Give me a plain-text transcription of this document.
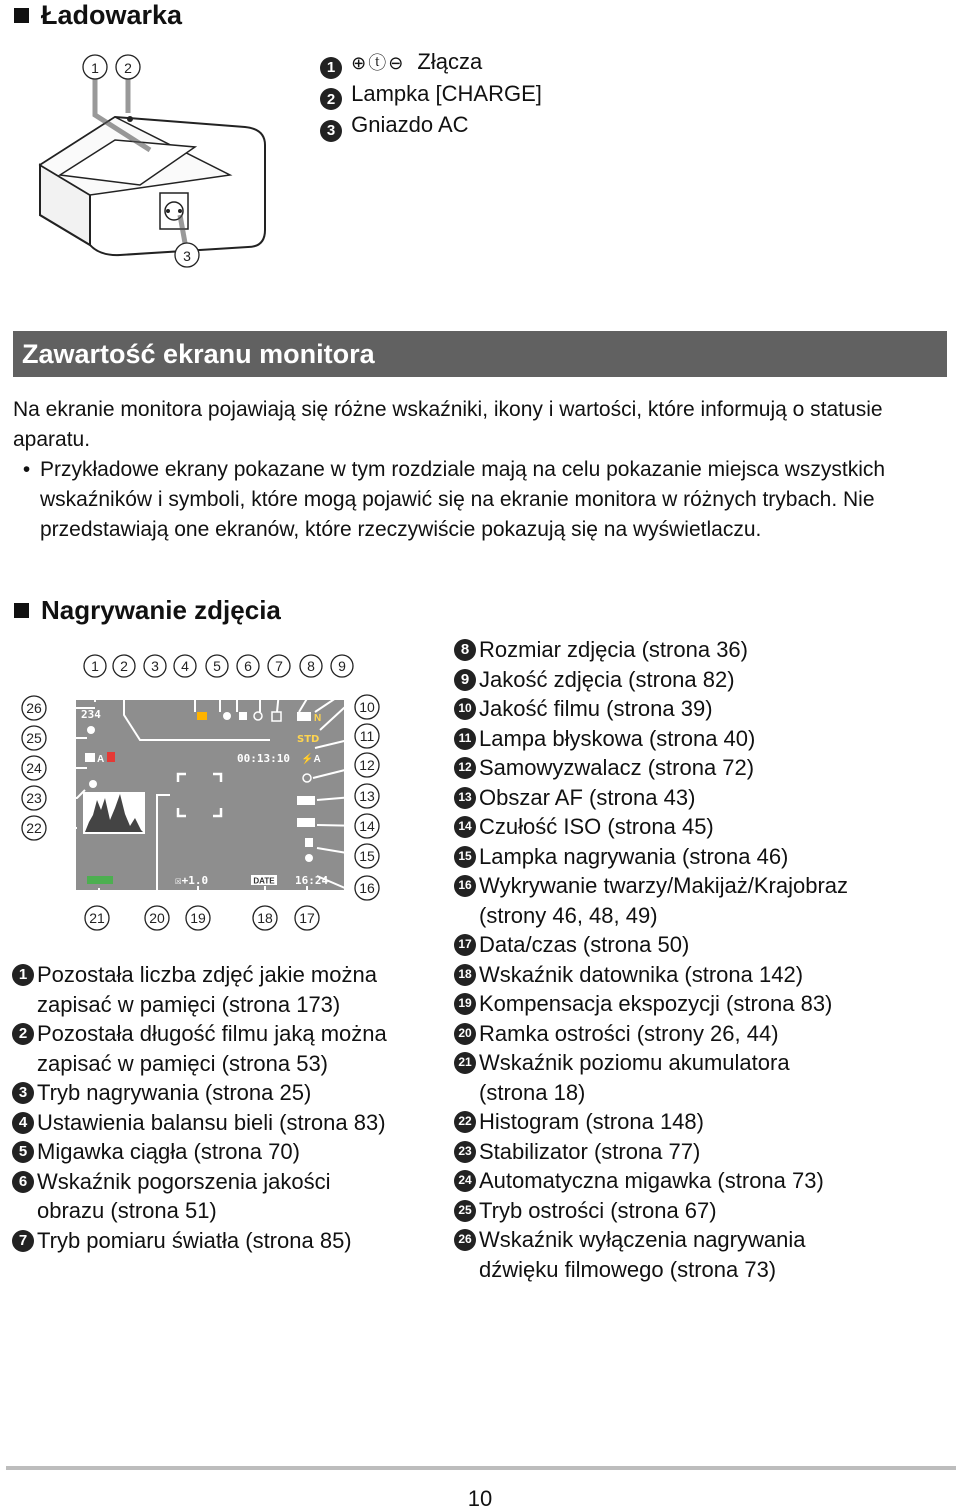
Ładowarka
1 2
3
1 ⊕ⓣ⊖ Złącza
2 Lampka [CHARGE]
3 Gniazdo AC
Zawartość ekranu monitora
Na ekranie monitora pojawiają się różne wskaźniki, ikony i wartości, które informują o statusie aparatu.
• Przykładowe ekrany pokazane w tym rozdziale mają na celu pokazanie miejsca wszystkich wskaźników i symboli, które mogą pojawić się na ekranie monitora w różnych trybach. Nie przedstawiają one ekranów, które rzeczywiście pokazują się na wyświetlaczu.
Nagrywanie zdjęcia
234
00:13:10
STD
N
⚡A
A
☒+1.0	DATE 16:24
1 2 3 4 5 6 7 8 9
26
25
24
23
22
10
11
12
13
14
15
16
21	20 19	18 17
1 Pozostała liczba zdjęć jakie można
zapisać w pamięci (strona 173)
2 Pozostała długość filmu jaką można
zapisać w pamięci (strona 53)
3 Tryb nagrywania (strona 25)
4 Ustawienia balansu bieli (strona 83)
5 Migawka ciągła (strona 70)
6 Wskaźnik pogorszenia jakości
obrazu (strona 51)
7 Tryb pomiaru światła (strona 85)
8 Rozmiar zdjęcia (strona 36)
9 Jakość zdjęcia (strona 82)
10 Jakość filmu (strona 39)
11 Lampa błyskowa (strona 40)
12 Samowyzwalacz (strona 72)
13 Obszar AF (strona 43)
14 Czułość ISO (strona 45)
15 Lampka nagrywania (strona 46)
16 Wykrywanie twarzy/Makijaż/Krajobraz
(strony 46, 48, 49)
17 Data/czas (strona 50)
18 Wskaźnik datownika (strona 142)
19 Kompensacja ekspozycji (strona 83)
20 Ramka ostrości (strony 26, 44)
21 Wskaźnik poziomu akumulatora
(strona 18)
22 Histogram (strona 148)
23 Stabilizator (strona 77)
24 Automatyczna migawka (strona 73)
25 Tryb ostrości (strona 67)
26 Wskaźnik wyłączenia nagrywania
dźwięku filmowego (strona 73)
10
